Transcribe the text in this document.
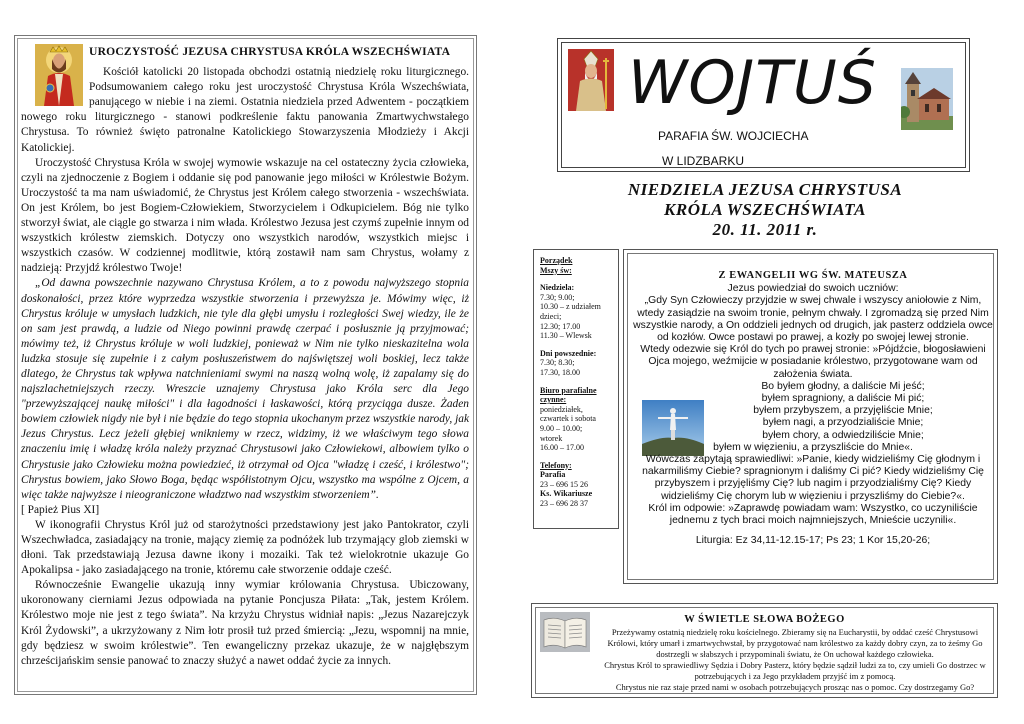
UROCZYSTOŚĆ JEZUSA CHRYSTUSA KRÓLA WSZECHŚWIATA

Kościół katolicki 20 listopada obchodzi ostatnią niedzielę roku liturgicznego. Podsumowaniem całego roku jest uroczystość Chrystusa Króla Wszechświata, panującego w niebie i na ziemi. Ostatnia niedziela przed Adwentem - początkiem nowego roku liturgicznego - stanowi podkreślenie faktu panowania Zmartwychwstałego Chrystusa. To również święto patronalne Katolickiego Stowarzyszenia Młodzieży i Akcji Katolickiej.

Uroczystość Chrystusa Króla w swojej wymowie wskazuje na cel ostateczny życia człowieka, czyli na zjednoczenie z Bogiem i oddanie się pod panowanie jego miłości w Królestwie Bożym. Uroczystość ta ma nam uświadomić, że Chrystus jest Królem całego stworzenia - wszechświata. On jest Królem, bo jest Bogiem-Człowiekiem, Stworzycielem i Odkupicielem. Bóg nie tylko stworzył świat, ale ciągle go stwarza i nim włada. Królestwo Jezusa jest czymś zupełnie innym od wszystkich królestw ziemskich. Dotyczy ono wszystkich narodów, wszystkich miejsc i wszystkich czasów. W codziennej modlitwie, którą zostawił nam sam Chrystus, wołamy z nadzieją: Przyjdź królestwo Twoje!

„Od dawna powszechnie nazywano Chrystusa Królem, a to z powodu najwyższego stopnia doskonałości, przez które wyprzedza wszystkie stworzenia i przewyższa je. Mówimy więc, iż Chrystus króluje w umysłach ludzkich, nie tyle dla głębi umysłu i rozległości Swej wiedzy, ile że on sam jest prawdą, a ludzie od Niego powinni prawdę czerpać i posłusznie ją przyjmować; mówimy też, iż Chrystus króluje w woli ludzkiej, ponieważ w Nim nie tylko nieskazitelna wola ludzka stosuje się zupełnie i z całym posłuszeństwem do najświętszej woli boskiej, lecz także dlatego, że Chrystus tak wpływa natchnieniami swymi na naszą wolną wolę, iż zapalamy się do najszlachetniejszych rzeczy. Wreszcie uznajemy Chrystusa jako Króla serc dla Jego "przewyższającej naukę miłości" i dla łagodności i łaskawości, którą przyciąga dusze. Żaden bowiem człowiek nigdy nie był i nie będzie do tego stopnia ukochanym przez wszystkie narody, jak Jezus Chrystus. Lecz jeżeli głębiej wnikniemy w rzecz, widzimy, iż we właściwym tego słowa znaczeniu imię i władzę króla należy przyznać Chrystusowi jako Człowiekowi, albowiem tylko o Chrystusie jako Człowieku można powiedzieć, iż otrzymał od Ojca "władzę i cześć, i królestwo"; Chrystus bowiem, jako Słowo Boga, będąc współistotnym Ojcu, wszystko ma wspólne z Ojcem, a więc także najwyższe i nieograniczone władztwo nad wszystkim stworzeniem”.

[ Papież Pius XI]

W ikonografii Chrystus Król już od starożytności przedstawiony jest jako Pantokrator, czyli Wszechwładca, zasiadający na tronie, mający ziemię za podnóżek lub trzymający glob ziemski w dłoni. Tak przedstawiają Jezusa dawne ikony i mozaiki. Tak też wielokrotnie ukazuje Go Apokalipsa - jako zasiadającego na tronie, któremu całe stworzenie oddaje cześć.

Równocześnie Ewangelie ukazują inny wymiar królowania Chrystusa. Ubiczowany, ukoronowany cierniami Jezus odpowiada na pytanie Poncjusza Piłata: „Tak, jestem Królem. Królestwo moje nie jest z tego świata”. Na krzyżu Chrystus widniał napis: „Jezus Nazarejczyk Król Żydowski”, a ukrzyżowany z Nim łotr prosił tuż przed śmiercią: „Jezu, wspomnij na mnie, gdy będziesz w swoim królestwie”. Ten ewangeliczny przekaz ukazuje, że w najgłębszym chrześcijańskim sensie panować to znaczy służyć a nawet oddać życie za innych.

WOJTUŚ
PARAFIA ŚW. WOJCIECHA
W LIDZBARKU
NIEDZIELA JEZUSA CHRYSTUSA
KRÓLA WSZECHŚWIATA
20. 11. 2011 r.

Porządek

Mszy św:

Niedziela:

7.30; 9.00;

10.30 – z udziałem dzieci;

12.30; 17.00

11.30 – Wlewsk

Dni powszednie:

7.30; 8.30;

17.30, 18.00

Biuro parafialne

czynne:

poniedziałek,

czwartek i sobota

9.00 – 10.00;

wtorek

16.00 – 17.00

Telefony:

Parafia

23 – 696 15 26

Ks. Wikariusze

23 – 696 28 37

Z EWANGELII WG ŚW. MATEUSZA

Jezus powiedział do swoich uczniów:

„Gdy Syn Człowieczy przyjdzie w swej chwale i wszyscy aniołowie z Nim, wtedy zasiądzie na swoim tronie, pełnym chwały. I zgromadzą się przed Nim wszystkie narody, a On oddzieli jednych od drugich, jak pasterz oddziela owce od kozłów. Owce postawi po prawej, a kozły po swojej lewej stronie.

Wtedy odezwie się Król do tych po prawej stronie: »Pójdźcie, błogosławieni Ojca mojego, weźmijcie w posiadanie królestwo, przygotowane wam od założenia świata.

Bo byłem głodny, a daliście Mi jeść;

byłem spragniony, a daliście Mi pić;

byłem przybyszem, a przyjęliście Mnie;

byłem nagi, a przyodzialiście Mnie;

byłem chory, a odwiedziliście Mnie;

byłem w więzieniu, a przyszliście do Mnie«.

Wówczas zapytają sprawiedliwi: »Panie, kiedy widzieliśmy Cię głodnym i nakarmiliśmy Ciebie? spragnionym i daliśmy Ci pić? Kiedy widzieliśmy Cię przybyszem i przyjęliśmy Cię? lub nagim i przyodzialiśmy Cię? Kiedy widzieliśmy Cię chorym lub w więzieniu i przyszliśmy do Ciebie?«.

Król im odpowie: »Zaprawdę powiadam wam: Wszystko, co uczyniliście jednemu z tych braci moich najmniejszych, Mnieście uczynili«.

Liturgia: Ez 34,11-12.15-17; Ps 23; 1 Kor 15,20-26;

W ŚWIETLE SŁOWA BOŻEGO

Przeżywamy ostatnią niedzielę roku kościelnego. Zbieramy się na Eucharystii, by oddać cześć Chrystusowi Królowi, który umarł i zmartwychwstał, by przygotować nam królestwo za każdy dobry czyn, za to żeśmy Go dostrzegli w słabszych i przypominali światu, że On uchował każdego człowieka.

Chrystus Król to sprawiedliwy Sędzia i Dobry Pasterz, który będzie sądził ludzi za to, czy umieli Go dostrzec w potrzebujących i za Jego przykładem przyjść im z pomocą.

Chrystus nie raz staje przed nami w osobach potrzebujących prosząc nas o pomoc. Czy dostrzegamy Go?
